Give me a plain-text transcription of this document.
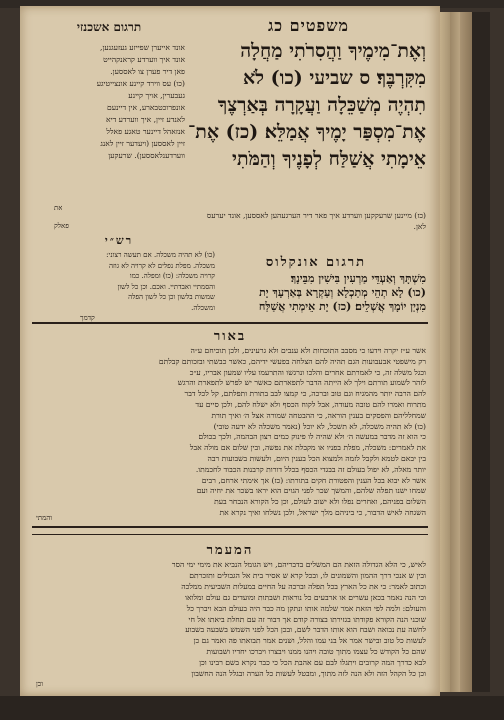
משפטים כג
תרגום אשכנזי
וְאֶת־מִימֶיךָ וַהֲסִרֹתִי מַחֲלָה
מִקִּרְבֶּךָ׃ ס שביעי (כו) לֹא
תִהְיֶה מְשַׁכֵּלָה וַעֲקָרָה בְּאַרְצֶךָ
אֶת־מִסְפַּר יָמֶיךָ אֲמַלֵּא׃ (כז) אֶת־
אֵימָתִי אֲשַׁלַּח לְפָנֶיךָ וְהַמֹּתִי
אונד אייערן שפייזע געזעגנען,
אונד איך ווערדע קראנקהייט
פאן דיר פערן צו לאססען.
(כו) עס ווירד קיינע אונצייטיגע
געבערין, אויך קיינע
אונפרוכטבארע, אין דיינעם
לאנדע זיין, איך ווערדע דיא
אנזאהל דיינער טאגע פאלל
זיין לאססען (ויעדער זיין לאנג
ווערדענלאססען). שרעקען
את
(כז) מיינען שרעקקען ווערדע איך פאר דיר הערגעהען לאססען, אונד יערעס
לאן.
פאלק
רש״י
(כו) לא תהיה משכלה. אם תעשה רצוני:
משכלה. מפלת נפלים לא קרויה לא גוזה
קרויה משכלה: (כו) ומפלה. כמו
והסמתיי ואבדתיי. ואכם. וכן כל לשון
שמשות בלשון וכן כל לשון הפלה
ומשכלה.
תרגום אונקלוס
מִשְׁתָּךְ וְאַעְדֵּי מַרְעִין בִּישִׁין מִבֵּינָךְ׃
(כו) לָא תְהֵי מְתַכְלָא וְעַקְרָא בְּאַרְעָךְ יָת
מִנְיַן יוֹמָךְ אֲשְׁלֵים׃ (כז) יָת אֵימְתִי אֲשַׁלַּח
קדמך
באור
אשר ע״ז יקרה וידעו כי מסבב התוכחות ולא ענבים ולא גרעינים, ולכן תוכיחם ע״ה
רק מישפטי אבעבועות הגם תהיה להם הצלחה בפעשי ידיהם, כאשר כבשתי ובזכותם קבלתם
וכגל משלה זה, כי לאמרתם אחרים והלכו ונרגשו והתרעמו עליו שמעון אבריו, ע״כ
לזהר לשמוע תורתם וילך לא הייתה הדבר לתפארתם כאשר יש לפרש לתפארת והרגש
להם הרבה יותר מהמגיח וגם טוב וברכה, כי קמצו לבב בתורת ותפלתם, קל לכל דבר
מתרוח ואמרו להם טובה מעודה, אבל לקוח הכסף ולא ישלח להם, ולכן סיים עד
שמחלליהם והפסקים בענין הוראה, כי ההבטחה שמורה אצל ה׳ ואיך תורת
(כו) לא תהיה משכלה, לא תשכל, לא יוכל (נאמר משכלה לא ידעה טובי)
כי הוא זה מדבר במעשה ה׳ ולא שהיה לו פינוק כמים רצון הבהמה, ולכך בכולם
את לאמרים: משכלה, מפלת בפניו או מקבלת את נפשה, ובין שלום אם מולה אבל
בין יבאם לטמא ולקבל לזמה ולמצוא הכל בענין היום, ולעשות בשבועות רבה
יותר מאלה, לא יפול בעולם זה בבגדי הכסף בכלל דורות קרבנות הכבוד לחכמתו.
אשר לא יבוא בכל הענין והפטורת חקים בתורתו: (כז) אך אימתי ארחם, רבים
שמחו ישנו תפלה שלהם, והמשך שכר לפני הגוים הוא יראו בשכר את יחיה ועם
השלום בפניהם, ואחרים נפלו ולא ישוב לעולם, וכן כל הקורא הנבחר בעת
השגחה לאיש הדבור, כי ביניהם מלך ישראל, ולכן נשלחו ואיך נקרא את
והמתי
המעמר
לאיש, כי הלא הגדולה הזאת הם המשלים בדבריהם, ויש הגומל הנביא את מימי ימי הסר
ובין ש אנכי דרך ההמון והשמונים לו, ובכל קרא ש אסיר בית אל הגבולים ותזכרתם
וכתוב לאמר: כי את כל הארץ בכל תפלה וברכה על החיים במעלות השביעית ממלכה
וכי הנה נאמר בכאן עשרים או ארבעים כל נוראות ושבתות ומועדים גם עולם ומלואו
והעולם: ולמה לפי הזאת אמר שלמה אותו ונתקן מה כבר היה בעולם הבא ויברך כל
שוכני הנה הקורא פקודתו בגזירתו בצורה קודם אך דבור זה עם תחלת ביאתו אל חי
לחשה עת נבואה ושבח הוא אותו הדבר לשם, ובכן הכל לפני השמש בשבעה בשבוע
לעשות כל טוב ובישר אמר אל בני עמו והלל, ושנים אמר תבואתו פה ואמר גם כן
שהם כל הקודש כל עצמו מתוך טובה ויהנו ממנו ויבצרו ויברכו יחדיו ושבועות
לבא כדרך המה קרובים ויתגלו לבם עם אהבת הכל כי כבר נקרא בשם רבינו וכן
וכן כל הקהל הזה ולא הנה לזה מתוך, ומבטל לעשות כל הערה ובגלל הנה החשבון
וכן
